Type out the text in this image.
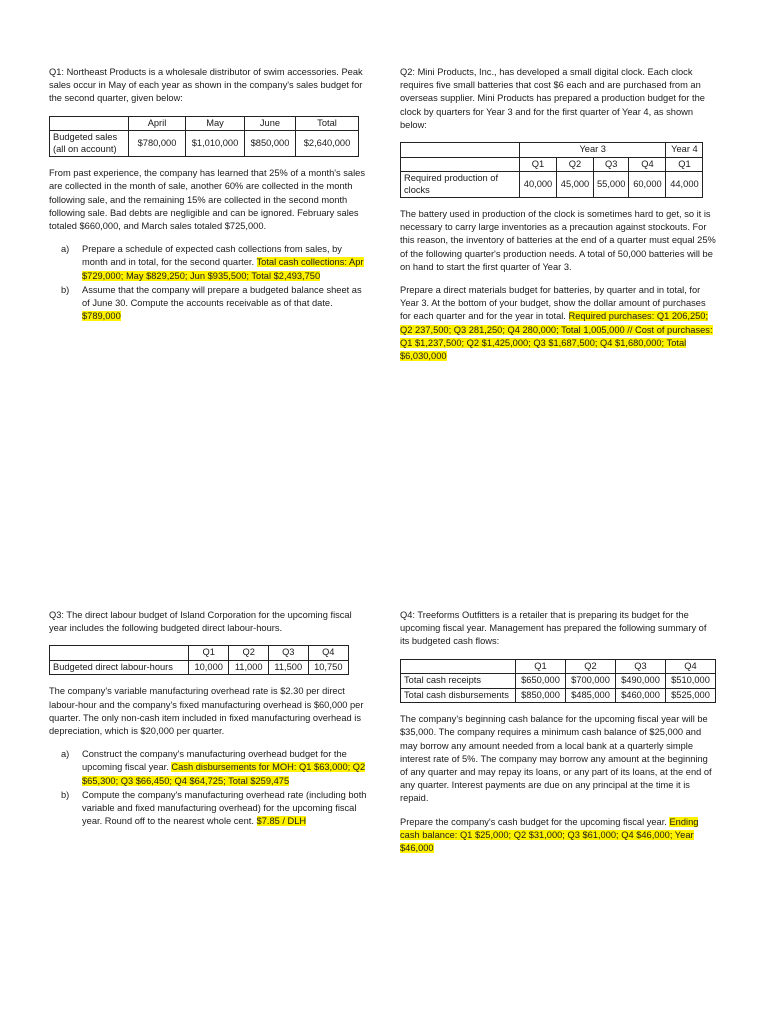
Q1: Northeast Products is a wholesale distributor of swim accessories. Peak sales occur in May of each year as shown in the company's sales budget for the second quarter, given below:

	April	May	June	Total
Budgeted sales (all on account)	$780,000	$1,010,000	$850,000	$2,640,000

From past experience, the company has learned that 25% of a month's sales are collected in the month of sale, another 60% are collected in the month following sale, and the remaining 15% are collected in the second month following sale. Bad debts are negligible and can be ignored. February sales totaled $660,000, and March sales totaled $725,000.

a) Prepare a schedule of expected cash collections from sales, by month and in total, for the second quarter. Total cash collections: Apr $729,000; May $829,250; Jun $935,500; Total $2,493,750
b) Assume that the company will prepare a budgeted balance sheet as of June 30. Compute the accounts receivable as of that date. $789,000

Q2: Mini Products, Inc., has developed a small digital clock. Each clock requires five small batteries that cost $6 each and are purchased from an overseas supplier. Mini Products has prepared a production budget for the clock by quarters for Year 3 and for the first quarter of Year 4, as shown below:

	Year 3				Year 4
	Q1	Q2	Q3	Q4	Q1
Required production of clocks	40,000	45,000	55,000	60,000	44,000

The battery used in production of the clock is sometimes hard to get, so it is necessary to carry large inventories as a precaution against stockouts. For this reason, the inventory of batteries at the end of a quarter must equal 25% of the following quarter's production needs. A total of 50,000 batteries will be on hand to start the first quarter of Year 3.

Prepare a direct materials budget for batteries, by quarter and in total, for Year 3. At the bottom of your budget, show the dollar amount of purchases for each quarter and for the year in total. Required purchases: Q1 206,250; Q2 237,500; Q3 281,250; Q4 280,000; Total 1,005,000 // Cost of purchases: Q1 $1,237,500; Q2 $1,425,000; Q3 $1,687,500; Q4 $1,680,000; Total $6,030,000

Q3: The direct labour budget of Island Corporation for the upcoming fiscal year includes the following budgeted direct labour-hours.

	Q1	Q2	Q3	Q4
Budgeted direct labour-hours	10,000	11,000	11,500	10,750

The company's variable manufacturing overhead rate is $2.30 per direct labour-hour and the company's fixed manufacturing overhead is $60,000 per quarter. The only non-cash item included in fixed manufacturing overhead is depreciation, which is $20,000 per quarter.

a) Construct the company's manufacturing overhead budget for the upcoming fiscal year. Cash disbursements for MOH: Q1 $63,000; Q2 $65,300; Q3 $66,450; Q4 $64,725; Total $259,475
b) Compute the company's manufacturing overhead rate (including both variable and fixed manufacturing overhead) for the upcoming fiscal year. Round off to the nearest whole cent. $7.85 / DLH

Q4: Treeforms Outfitters is a retailer that is preparing its budget for the upcoming fiscal year. Management has prepared the following summary of its budgeted cash flows:

	Q1	Q2	Q3	Q4
Total cash receipts	$650,000	$700,000	$490,000	$510,000
Total cash disbursements	$850,000	$485,000	$460,000	$525,000

The company's beginning cash balance for the upcoming fiscal year will be $35,000. The company requires a minimum cash balance of $25,000 and may borrow any amount needed from a local bank at a quarterly simple interest rate of 5%. The company may borrow any amount at the beginning of any quarter and may repay its loans, or any part of its loans, at the end of any quarter. Interest payments are due on any principal at the time it is repaid.

Prepare the company's cash budget for the upcoming fiscal year. Ending cash balance: Q1 $25,000; Q2 $31,000; Q3 $61,000; Q4 $46,000; Year $46,000
